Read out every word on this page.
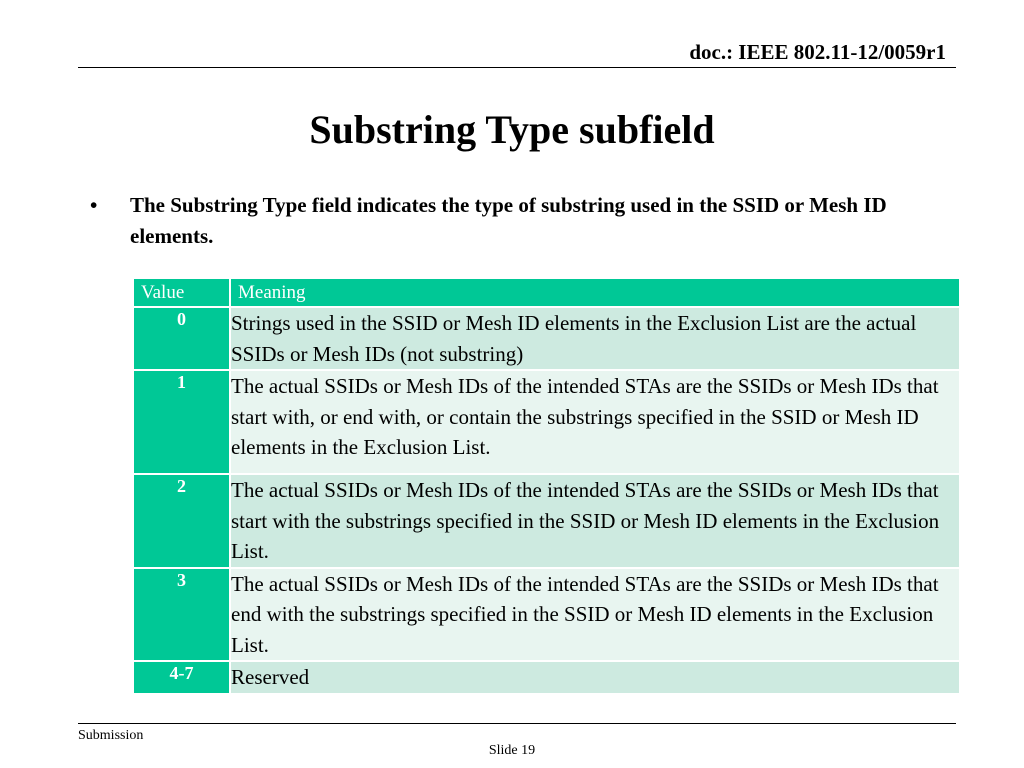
doc.: IEEE 802.11-12/0059r1
Substring Type subfield
• The Substring Type field indicates the type of substring used in the SSID or Mesh ID elements.
Value	Meaning
0	Strings used in the SSID or Mesh ID elements in the Exclusion List are the actual SSIDs or Mesh IDs (not substring)
1	The actual SSIDs or Mesh IDs of the intended STAs are the SSIDs or Mesh IDs that start with, or end with, or contain the substrings specified in the SSID or Mesh ID elements in the Exclusion List.
2	The actual SSIDs or Mesh IDs of the intended STAs are the SSIDs or Mesh IDs that start with the substrings specified in the SSID or Mesh ID elements in the Exclusion List.
3	The actual SSIDs or Mesh IDs of the intended STAs are the SSIDs or Mesh IDs that end with the substrings specified in the SSID or Mesh ID elements in the Exclusion List.
4-7	Reserved
Submission
Slide 19
